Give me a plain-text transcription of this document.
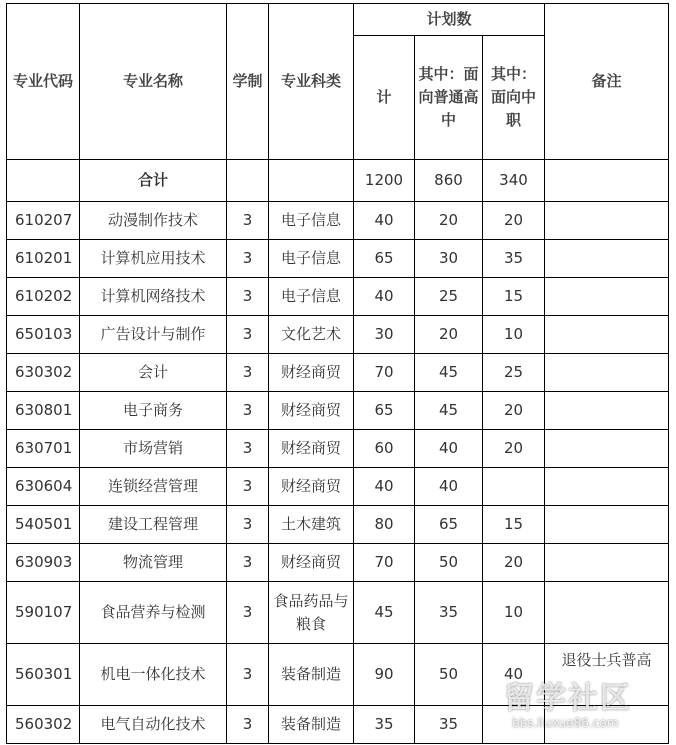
专业代码	专业名称	学制	专业科类	计划数			备注
				计	其中：面向普通高中	其中：面向中职	
	合计			1200	860	340	
610207	动漫制作技术	3	电子信息	40	20	20	
610201	计算机应用技术	3	电子信息	65	30	35	
610202	计算机网络技术	3	电子信息	40	25	15	
650103	广告设计与制作	3	文化艺术	30	20	10	
630302	会计	3	财经商贸	70	45	25	
630801	电子商务	3	财经商贸	65	45	20	
630701	市场营销	3	财经商贸	60	40	20	
630604	连锁经营管理	3	财经商贸	40	40		
540501	建设工程管理	3	土木建筑	80	65	15	
630903	物流管理	3	财经商贸	70	50	20	
590107	食品营养与检测	3	食品药品与粮食	45	35	10	
560301	机电一体化技术	3	装备制造	90	50	40	退役士兵普高
560302	电气自动化技术	3	装备制造	35	35		
留学社区
bbs.liuxue86.com
